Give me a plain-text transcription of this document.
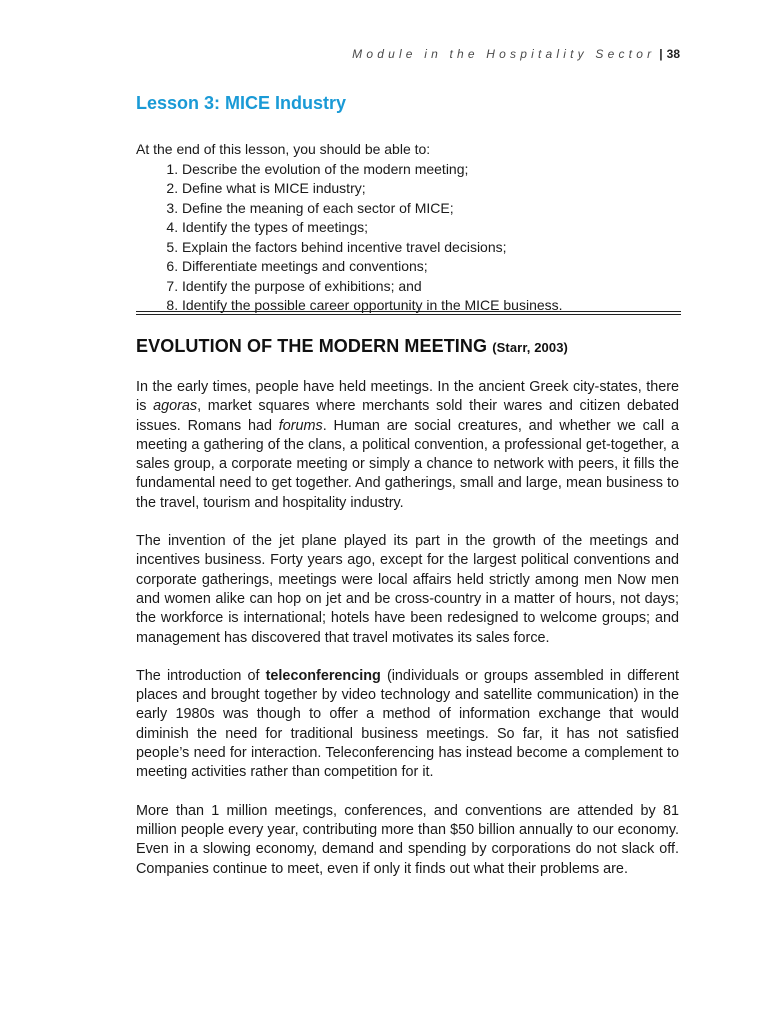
Module in the Hospitality Sector | 38
Lesson 3: MICE Industry

At the end of this lesson, you should be able to:

1. Describe the evolution of the modern meeting;
2. Define what is MICE industry;
3. Define the meaning of each sector of MICE;
4. Identify the types of meetings;
5. Explain the factors behind incentive travel decisions;
6. Differentiate meetings and conventions;
7. Identify the purpose of exhibitions; and
8. Identify the possible career opportunity in the MICE business.
EVOLUTION OF THE MODERN MEETING (Starr, 2003)

In the early times, people have held meetings. In the ancient Greek city-states, there is agoras, market squares where merchants sold their wares and citizen debated issues. Romans had forums. Human are social creatures, and whether we call a meeting a gathering of the clans, a political convention, a professional get-together, a sales group, a corporate meeting or simply a chance to network with peers, it fills the fundamental need to get together. And gatherings, small and large, mean business to the travel, tourism and hospitality industry.

The invention of the jet plane played its part in the growth of the meetings and incentives business. Forty years ago, except for the largest political conventions and corporate gatherings, meetings were local affairs held strictly among men Now men and women alike can hop on jet and be cross-country in a matter of hours, not days; the workforce is international; hotels have been redesigned to welcome groups; and management has discovered that travel motivates its sales force.

The introduction of teleconferencing (individuals or groups assembled in different places and brought together by video technology and satellite communication) in the early 1980s was though to offer a method of information exchange that would diminish the need for traditional business meetings. So far, it has not satisfied people’s need for interaction. Teleconferencing has instead become a complement to meeting activities rather than competition for it.

More than 1 million meetings, conferences, and conventions are attended by 81 million people every year, contributing more than $50 billion annually to our economy. Even in a slowing economy, demand and spending by corporations do not slack off. Companies continue to meet, even if only it finds out what their problems are.
